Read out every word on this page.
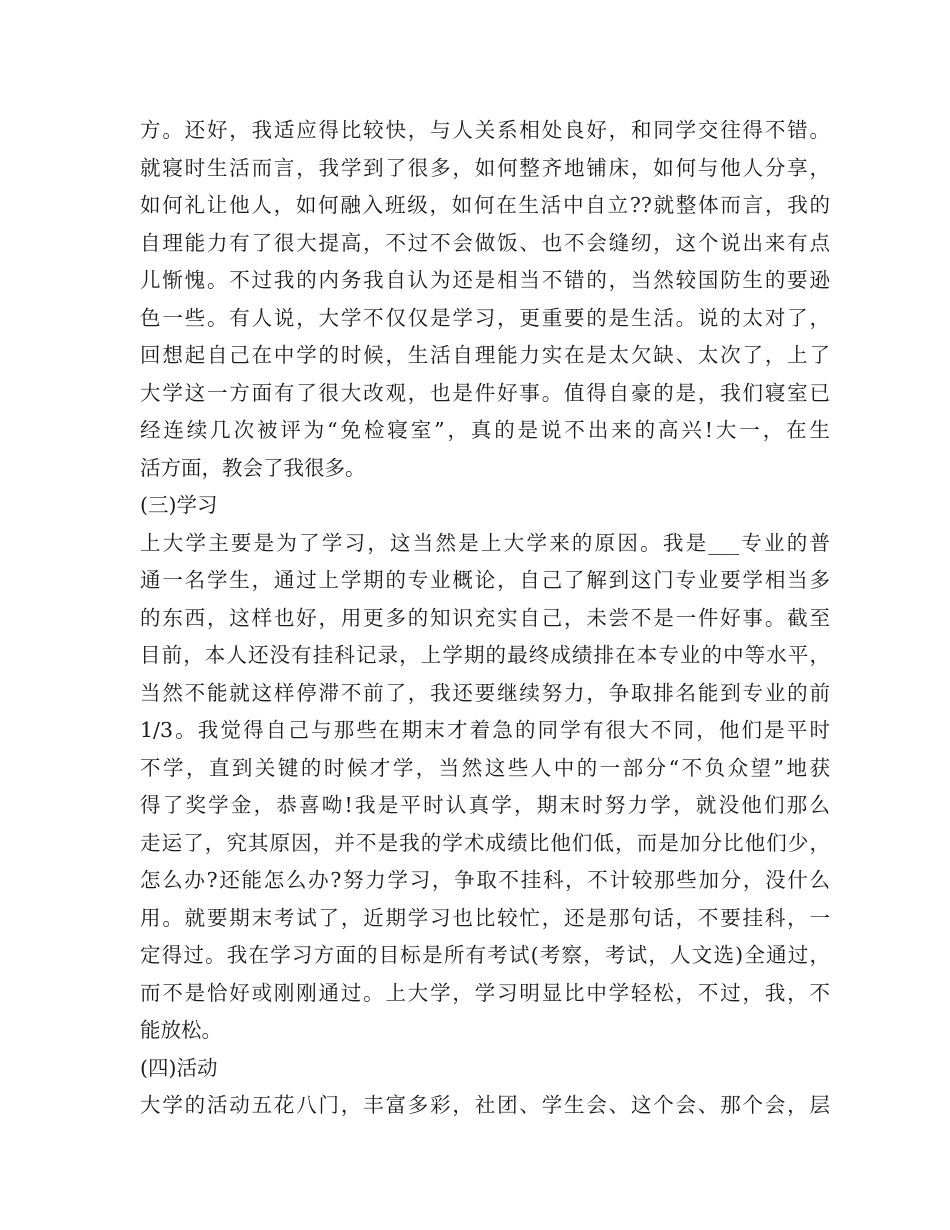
方。还好，我适应得比较快，与人关系相处良好，和同学交往得不错。
就寝时生活而言，我学到了很多，如何整齐地铺床，如何与他人分享，
如何礼让他人，如何融入班级，如何在生活中自立??就整体而言，我的
自理能力有了很大提高，不过不会做饭、也不会缝纫，这个说出来有点
儿惭愧。不过我的内务我自认为还是相当不错的，当然较国防生的要逊
色一些。有人说，大学不仅仅是学习，更重要的是生活。说的太对了，
回想起自己在中学的时候，生活自理能力实在是太欠缺、太次了，上了
大学这一方面有了很大改观，也是件好事。值得自豪的是，我们寝室已
经连续几次被评为“免检寝室”，真的是说不出来的高兴!大一，在生
活方面，教会了我很多。
(三)学习
上大学主要是为了学习，这当然是上大学来的原因。我是___专业的普
通一名学生，通过上学期的专业概论，自己了解到这门专业要学相当多
的东西，这样也好，用更多的知识充实自己，未尝不是一件好事。截至
目前，本人还没有挂科记录，上学期的最终成绩排在本专业的中等水平，
当然不能就这样停滞不前了，我还要继续努力，争取排名能到专业的前
1/3。我觉得自己与那些在期末才着急的同学有很大不同，他们是平时
不学，直到关键的时候才学，当然这些人中的一部分“不负众望”地获
得了奖学金，恭喜呦!我是平时认真学，期末时努力学，就没他们那么
走运了，究其原因，并不是我的学术成绩比他们低，而是加分比他们少，
怎么办?还能怎么办?努力学习，争取不挂科，不计较那些加分，没什么
用。就要期末考试了，近期学习也比较忙，还是那句话，不要挂科，一
定得过。我在学习方面的目标是所有考试(考察，考试，人文选)全通过，
而不是恰好或刚刚通过。上大学，学习明显比中学轻松，不过，我，不
能放松。
(四)活动
大学的活动五花八门，丰富多彩，社团、学生会、这个会、那个会，层
